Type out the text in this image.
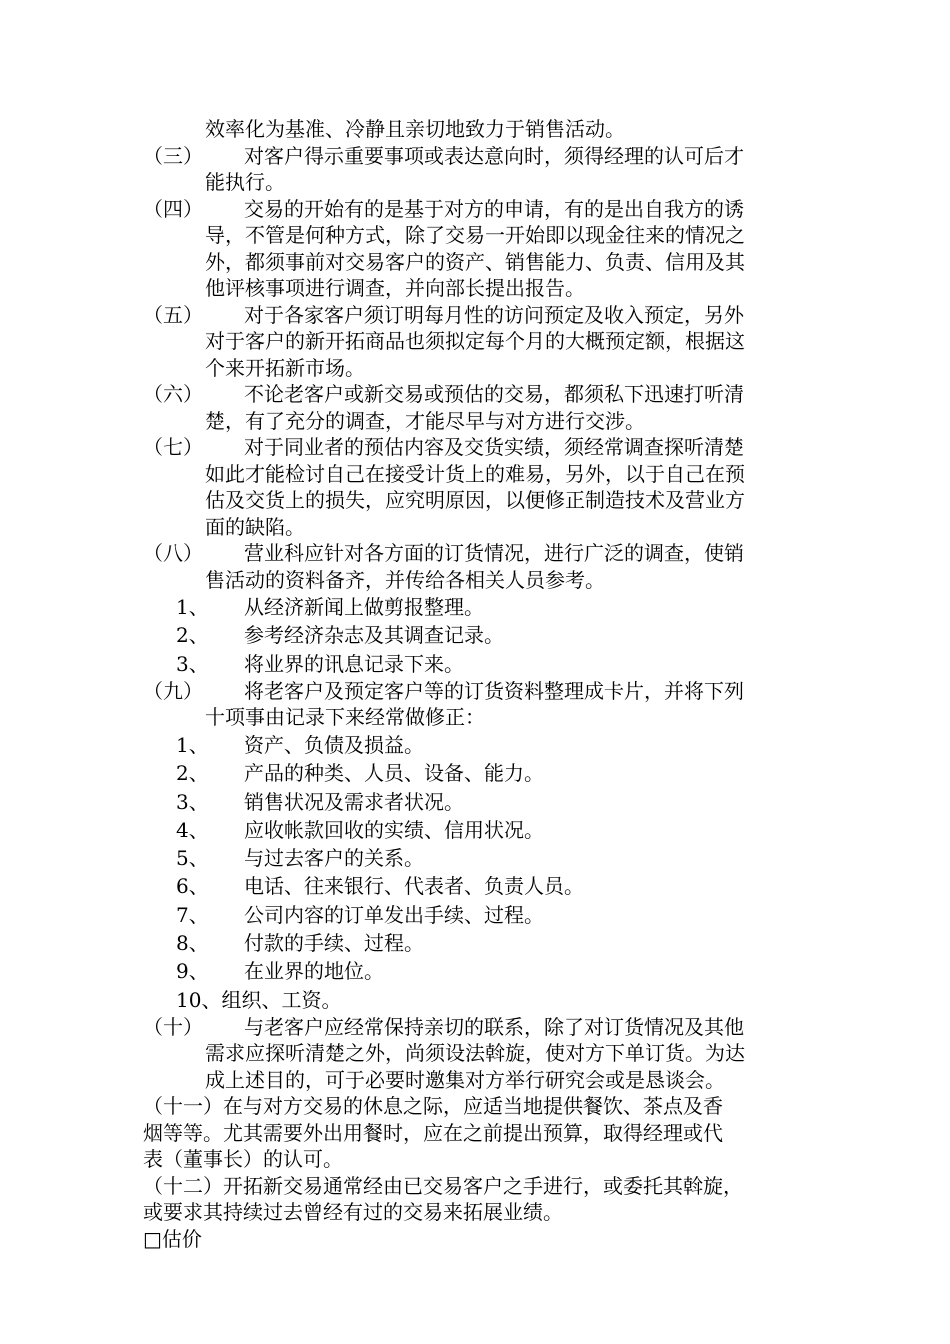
效率化为基准、冷静且亲切地致力于销售活动。
（三） 对客户得示重要事项或表达意向时，须得经理的认可后才
能执行。
（四） 交易的开始有的是基于对方的申请，有的是出自我方的诱
导，不管是何种方式，除了交易一开始即以现金往来的情况之
外，都须事前对交易客户的资产、销售能力、负责、信用及其
他评核事项进行调查，并向部长提出报告。
（五） 对于各家客户须订明每月性的访问预定及收入预定，另外
对于客户的新开拓商品也须拟定每个月的大概预定额，根据这
个来开拓新市场。
（六） 不论老客户或新交易或预估的交易，都须私下迅速打听清
楚，有了充分的调查，才能尽早与对方进行交涉。
（七） 对于同业者的预估内容及交货实绩，须经常调查探听清楚
如此才能检讨自己在接受计货上的难易，另外，以于自己在预
估及交货上的损失，应究明原因，以便修正制造技术及营业方
面的缺陷。
（八） 营业科应针对各方面的订货情况，进行广泛的调查，使销
售活动的资料备齐，并传给各相关人员参考。
1、 从经济新闻上做剪报整理。
2、 参考经济杂志及其调查记录。
3、 将业界的讯息记录下来。
（九） 将老客户及预定客户等的订货资料整理成卡片，并将下列
十项事由记录下来经常做修正：
1、 资产、负债及损益。
2、 产品的种类、人员、设备、能力。
3、 销售状况及需求者状况。
4、 应收帐款回收的实绩、信用状况。
5、 与过去客户的关系。
6、 电话、往来银行、代表者、负责人员。
7、 公司内容的订单发出手续、过程。
8、 付款的手续、过程。
9、 在业界的地位。
10、组织、工资。
（十） 与老客户应经常保持亲切的联系，除了对订货情况及其他
需求应探听清楚之外，尚须设法斡旋，使对方下单订货。为达
成上述目的，可于必要时邀集对方举行研究会或是恳谈会。
（十一）在与对方交易的休息之际，应适当地提供餐饮、茶点及香
烟等等。尤其需要外出用餐时，应在之前提出预算，取得经理或代
表（董事长）的认可。
（十二）开拓新交易通常经由已交易客户之手进行，或委托其斡旋，
或要求其持续过去曾经有过的交易来拓展业绩。
□估价
